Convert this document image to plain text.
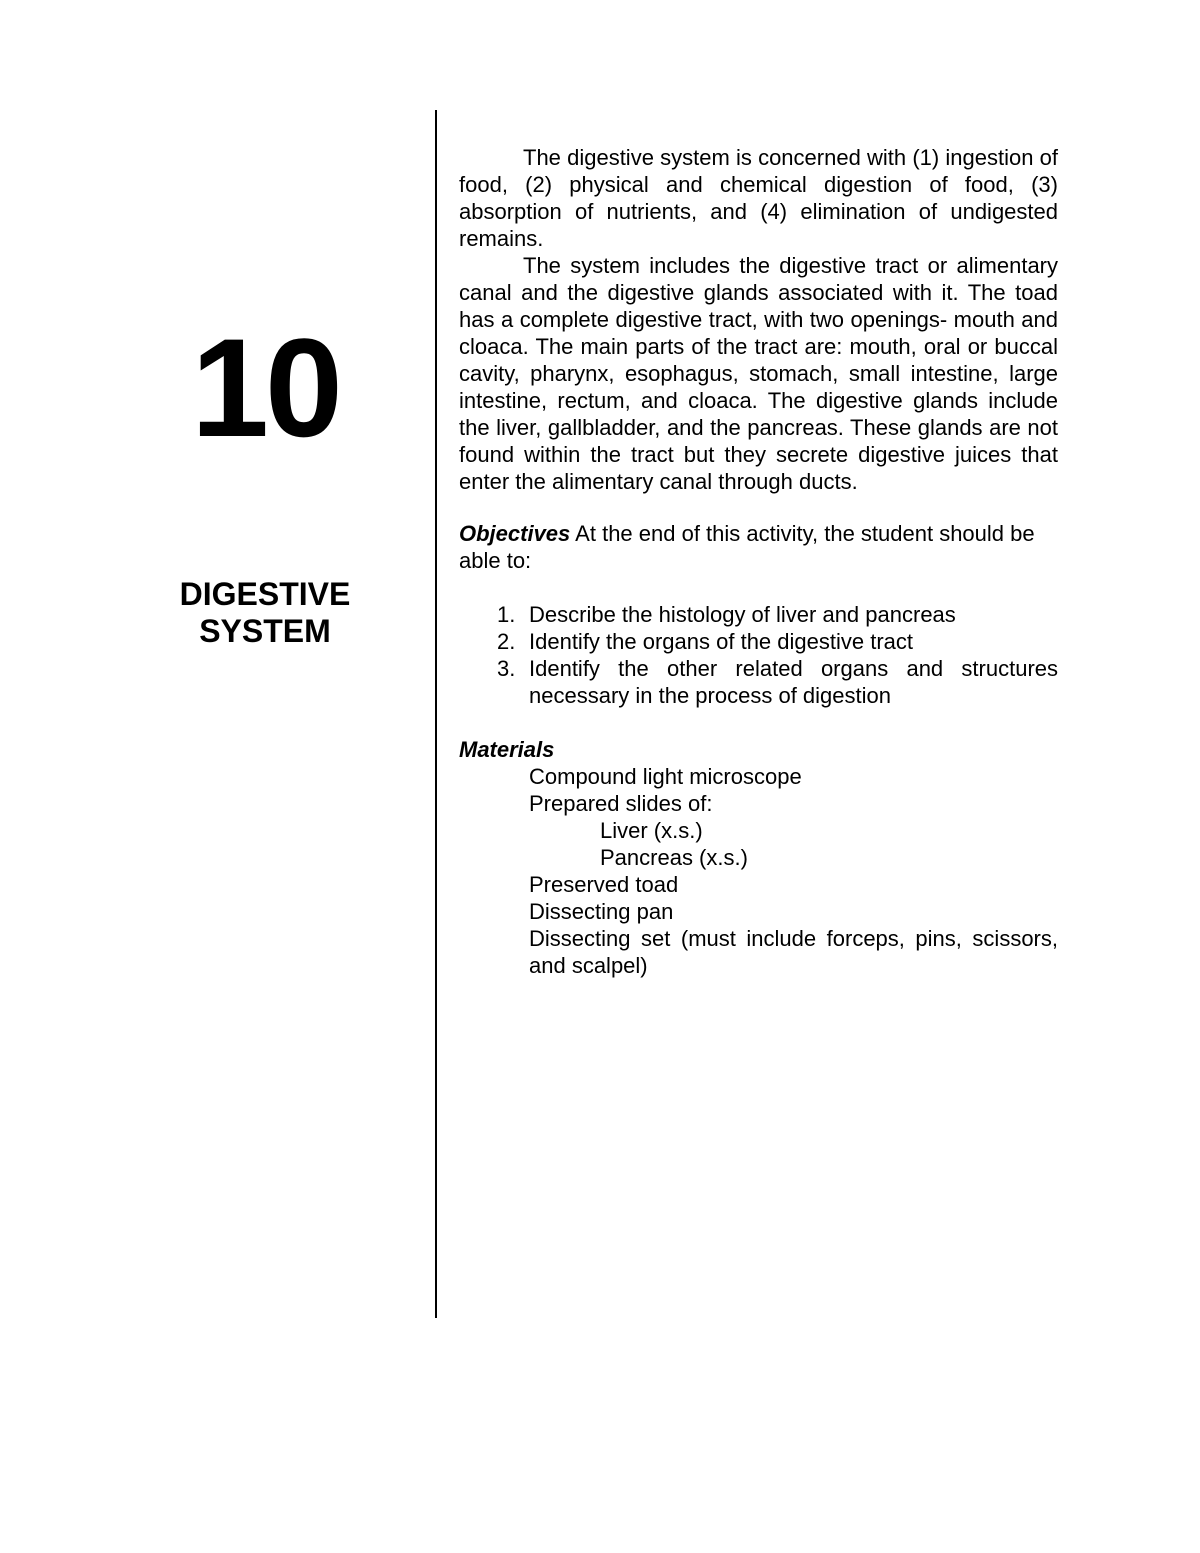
10
DIGESTIVE
SYSTEM

The digestive system is concerned with (1) ingestion of food, (2) physical and chemical digestion of food, (3) absorption of nutrients, and (4) elimination of undigested remains.

The system includes the digestive tract or alimentary canal and the digestive glands associated with it. The toad has a complete digestive tract, with two openings- mouth and cloaca. The main parts of the tract are: mouth, oral or buccal cavity, pharynx, esophagus, stomach, small intestine, large intestine, rectum, and cloaca. The digestive glands include the liver, gallbladder, and the pancreas. These glands are not found within the tract but they secrete digestive juices that enter the alimentary canal through ducts.

Objectives At the end of this activity, the student should be able to:

1. Describe the histology of liver and pancreas
2. Identify the organs of the digestive tract
3. Identify the other related organs and structures necessary in the process of digestion
Materials
Compound light microscope
Prepared slides of:
Liver (x.s.)
Pancreas (x.s.)
Preserved toad
Dissecting pan
Dissecting set (must include forceps, pins, scissors, and scalpel)
